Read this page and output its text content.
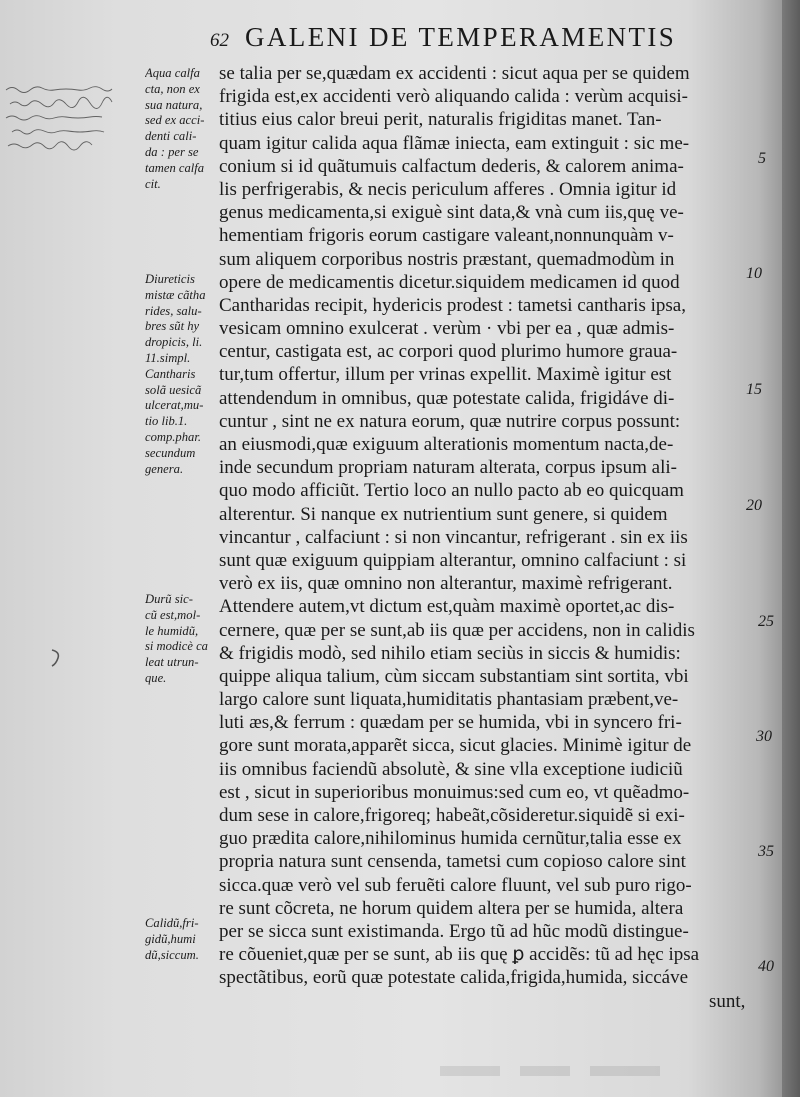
62 GALENI DE TEMPERAMENTIS
Aqua calfa
cta, non ex
sua natura,
sed ex acci-
denti cali-
da : per se
tamen calfa
cit.
Diureticis
mistæ cãtha
rides, salu-
bres sũt hy
dropicis, li.
11.simpl.
Cantharis
solã uesicã
ulcerat,mu-
tio lib.1.
comp.phar.
secundum
genera.
Durũ sic-
cũ est,mol-
le humidũ,
si modicè ca
leat utrun-
que.
Calidũ,fri-
gidũ,humi
dũ,siccum.
se talia per se,quædam ex accidenti : sicut aqua per se quidem
frigida est,ex accidenti verò aliquando calida : verùm acquisi-
titius eius calor breui perit, naturalis frigiditas manet. Tan-
quam igitur calida aqua flãmæ iniecta, eam extinguit : sic me-
conium si id quãtumuis calfactum dederis, & calorem anima-
lis perfrigerabis, & necis periculum afferes . Omnia igitur id
genus medicamenta,si exiguè sint data,& vnà cum iis,quę ve-
hementiam frigoris eorum castigare valeant,nonnunquàm v-
sum aliquem corporibus nostris præstant, quemadmodùm in
opere de medicamentis dicetur.siquidem medicamen id quod
Cantharidas recipit, hydericis prodest : tametsi cantharis ipsa,
vesicam omnino exulcerat . verùm · vbi per ea , quæ admis-
centur, castigata est, ac corpori quod plurimo humore grauа-
tur,tum offertur, illum per vrinas expellit. Maximè igitur est
attendendum in omnibus, quæ potestate calida, frigidáve di-
cuntur , sint ne ex natura eorum, quæ nutrire corpus possunt:
an eiusmodi,quæ exiguum alterationis momentum nacta,de-
inde secundum propriam naturam alterata, corpus ipsum ali-
quo modo afficiũt. Tertio loco an nullo pacto ab eo quicquam
alterentur. Si nanque ex nutrientium sunt genere, si quidem
vincantur , calfaciunt : si non vincantur, refrigerant . sin ex iis
sunt quæ exiguum quippiam alterantur, omnino calfaciunt : si
verò ex iis, quæ omnino non alterantur, maximè refrigerant.
Attendere autem,vt dictum est,quàm maximè oportet,ac dis-
cernere, quæ per se sunt,ab iis quæ per accidens, non in calidis
& frigidis modò, sed nihilo etiam seciùs in siccis & humidis:
quippe aliqua talium, cùm siccam substantiam sint sortita, vbi
largo calore sunt liquata,humiditatis phantasiam præbent,ve-
luti æs,& ferrum : quædam per se humida, vbi in syncero fri-
gore sunt morata,apparẽt sicca, sicut glacies. Minimè igitur de
iis omnibus faciendũ absolutè, & sine vlla exceptione iudiciũ
est , sicut in superioribus monuimus:sed cum eo, vt quẽadmo-
dum sese in calore,frigoreq; habeãt,cõsideretur.siquidẽ si exi-
guo prædita calore,nihilominus humida cernũtur,talia esse ex
propria natura sunt censenda, tametsi cum copioso calore sint
sicca.quæ verò vel sub feruẽti calore fluunt, vel sub puro rigo-
re sunt cõcreta, ne horum quidem altera per se humida, altera
per se sicca sunt existimanda. Ergo tũ ad hũc modũ distingue-
re cõueniet,quæ per se sunt, ab iis quę ꝑ accidẽs: tũ ad hęc ipsa
spectãtibus, eorũ quæ potestate calida,frigida,humida, siccáve
sunt,
5
10
15
20
25
30
35
40
